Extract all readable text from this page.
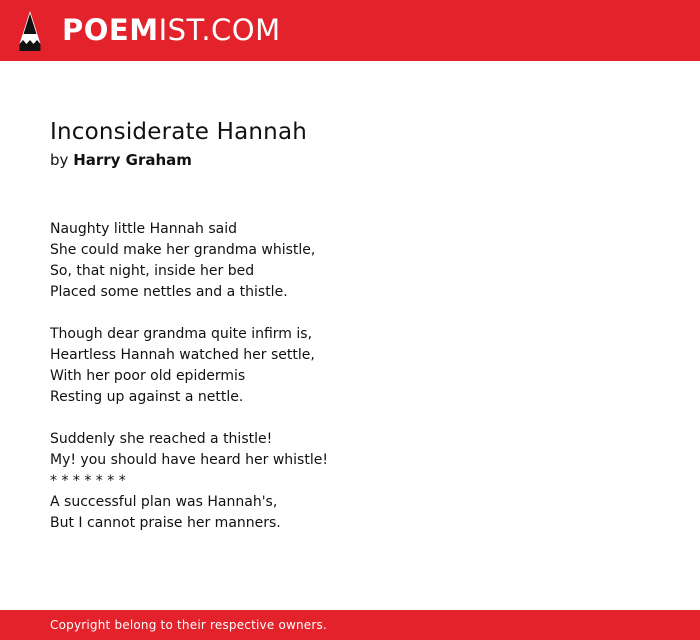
POEMIST.COM
Inconsiderate Hannah
by Harry Graham
Naughty little Hannah said
She could make her grandma whistle,
So, that night, inside her bed
Placed some nettles and a thistle.
Though dear grandma quite infirm is,
Heartless Hannah watched her settle,
With her poor old epidermis
Resting up against a nettle.
Suddenly she reached a thistle!
My! you should have heard her whistle!
* * * * * * *
A successful plan was Hannah's,
But I cannot praise her manners.
Copyright belong to their respective owners.
